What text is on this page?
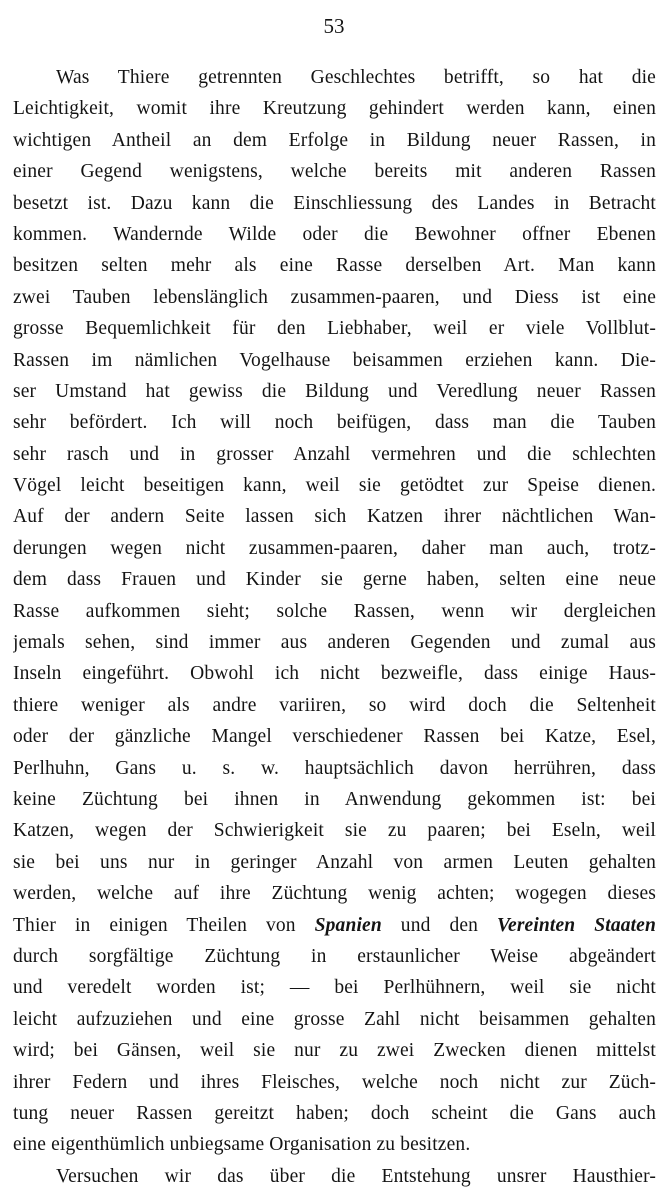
53
Was Thiere getrennten Geschlechtes betrifft, so hat die
Leichtigkeit, womit ihre Kreutzung gehindert werden kann, einen
wichtigen Antheil an dem Erfolge in Bildung neuer Rassen, in
einer Gegend wenigstens, welche bereits mit anderen Rassen
besetzt ist. Dazu kann die Einschliessung des Landes in Betracht
kommen. Wandernde Wilde oder die Bewohner offner Ebenen
besitzen selten mehr als eine Rasse derselben Art. Man kann
zwei Tauben lebenslänglich zusammen-paaren, und Diess ist eine
grosse Bequemlichkeit für den Liebhaber, weil er viele Vollblut-
Rassen im nämlichen Vogelhause beisammen erziehen kann. Die-
ser Umstand hat gewiss die Bildung und Veredlung neuer Rassen
sehr befördert. Ich will noch beifügen, dass man die Tauben
sehr rasch und in grosser Anzahl vermehren und die schlechten
Vögel leicht beseitigen kann, weil sie getödtet zur Speise dienen.
Auf der andern Seite lassen sich Katzen ihrer nächtlichen Wan-
derungen wegen nicht zusammen-paaren, daher man auch, trotz-
dem dass Frauen und Kinder sie gerne haben, selten eine neue
Rasse aufkommen sieht; solche Rassen, wenn wir dergleichen
jemals sehen, sind immer aus anderen Gegenden und zumal aus
Inseln eingeführt. Obwohl ich nicht bezweifle, dass einige Haus-
thiere weniger als andre variiren, so wird doch die Seltenheit
oder der gänzliche Mangel verschiedener Rassen bei Katze, Esel,
Perlhuhn, Gans u. s. w. hauptsächlich davon herrühren, dass
keine Züchtung bei ihnen in Anwendung gekommen ist: bei
Katzen, wegen der Schwierigkeit sie zu paaren; bei Eseln, weil
sie bei uns nur in geringer Anzahl von armen Leuten gehalten
werden, welche auf ihre Züchtung wenig achten; wogegen dieses
Thier in einigen Theilen von Spanien und den Vereinten Staaten
durch sorgfältige Züchtung in erstaunlicher Weise abgeändert
und veredelt worden ist; — bei Perlhühnern, weil sie nicht
leicht aufzuziehen und eine grosse Zahl nicht beisammen gehalten
wird; bei Gänsen, weil sie nur zu zwei Zwecken dienen mittelst
ihrer Federn und ihres Fleisches, welche noch nicht zur Züch-
tung neuer Rassen gereitzt haben; doch scheint die Gans auch
eine eigenthümlich unbiegsame Organisation zu besitzen.
Versuchen wir das über die Entstehung unsrer Hausthier-
